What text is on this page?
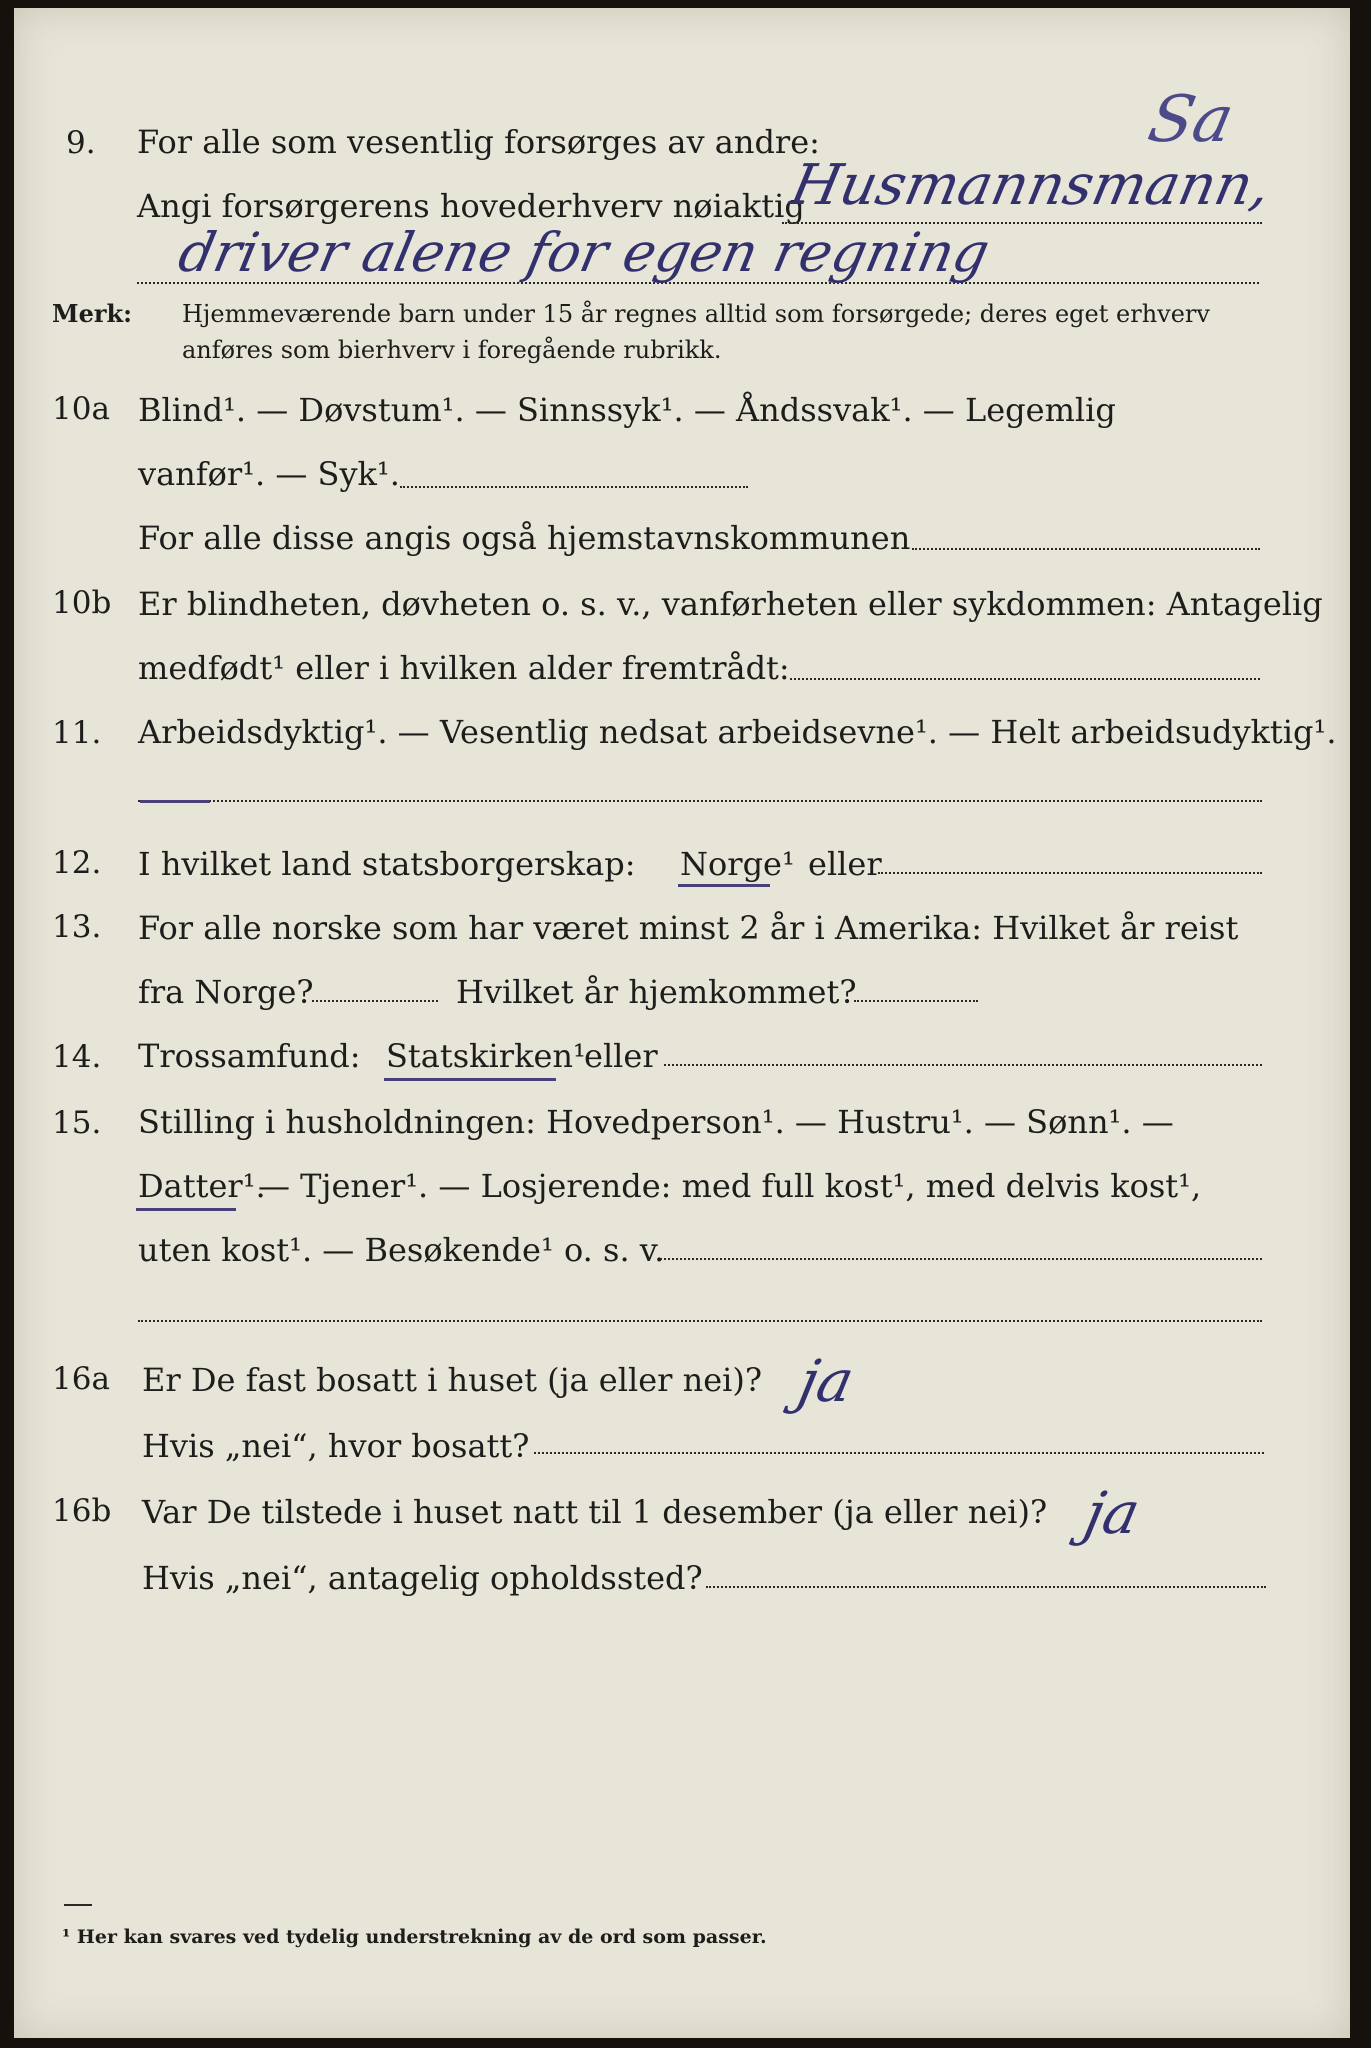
Sa
9. For alle som vesentlig forsørges av andre:
Angi forsørgerens hovederhverv nøiaktig
Husmannsmann,
driver alene for egen regning
Merk: Hjemmeværende barn under 15 år regnes alltid som forsørgede; deres eget erhverv
anføres som bierhverv i foregående rubrikk.
10a Blind¹. — Døvstum¹. — Sinnssyk¹. — Åndssvak¹. — Legemlig
vanfør¹. — Syk¹.
For alle disse angis også hjemstavnskommunen
10b Er blindheten, døvheten o. s. v., vanførheten eller sykdommen: Antagelig
medfødt¹ eller i hvilken alder fremtrådt:
11. Arbeidsdyktig¹. — Vesentlig nedsat arbeidsevne¹. — Helt arbeidsudyktig¹.
12. I hvilket land statsborgerskap: Norge¹ eller
13. For alle norske som har været minst 2 år i Amerika: Hvilket år reist
fra Norge?	Hvilket år hjemkommet?
14. Trossamfund: Statskirken¹
eller
15. Stilling i husholdningen: Hovedperson¹. — Hustru¹. — Sønn¹. —
Datter¹.
— Tjener¹. — Losjerende: med full kost¹, med delvis kost¹,
uten kost¹. — Besøkende¹ o. s. v.
16a Er De fast bosatt i huset (ja eller nei)? ja
Hvis „nei“, hvor bosatt?
16b Var De tilstede i huset natt til 1 desember (ja eller nei)? ja
Hvis „nei“, antagelig opholdssted?
¹ Her kan svares ved tydelig understrekning av de ord som passer.
